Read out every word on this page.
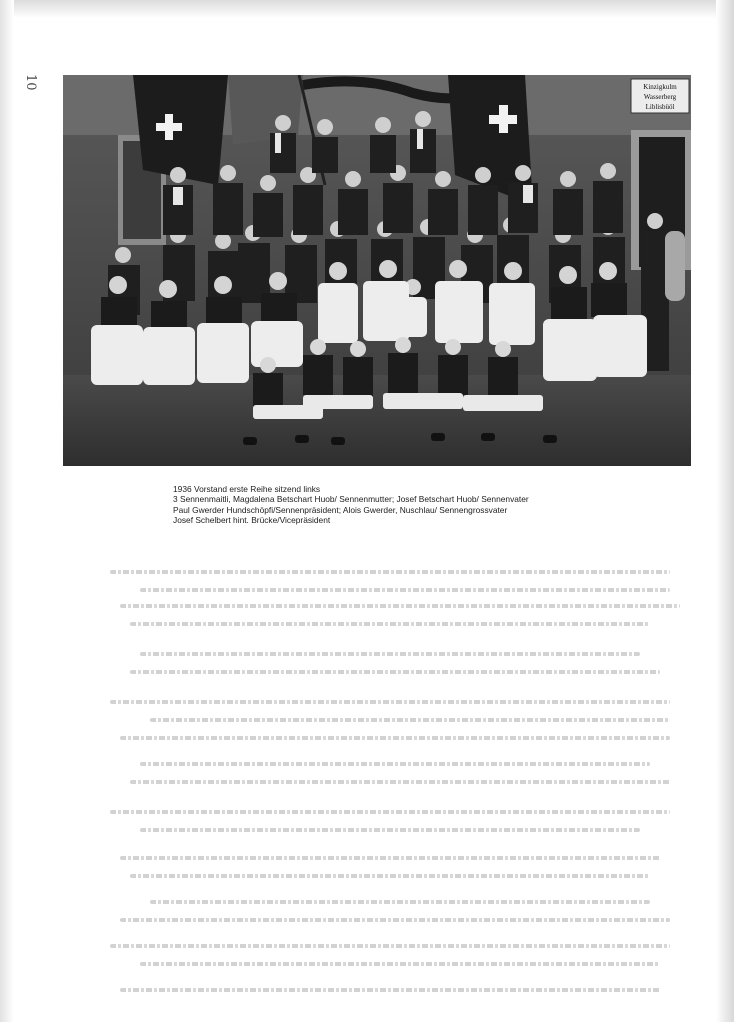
10	Kinzigkulm
Wasserberg
Liblisbüöl
1936 Vorstand erste Reihe sitzend links
3 Sennenmaitli, Magdalena Betschart Huob/ Sennenmutter; Josef Betschart Huob/ Sennenvater
Paul Gwerder Hundschöpfi/Sennenpräsident; Alois Gwerder, Nuschlau/ Sennengrossvater
Josef Schelbert hint. Brücke/Vicepräsident
